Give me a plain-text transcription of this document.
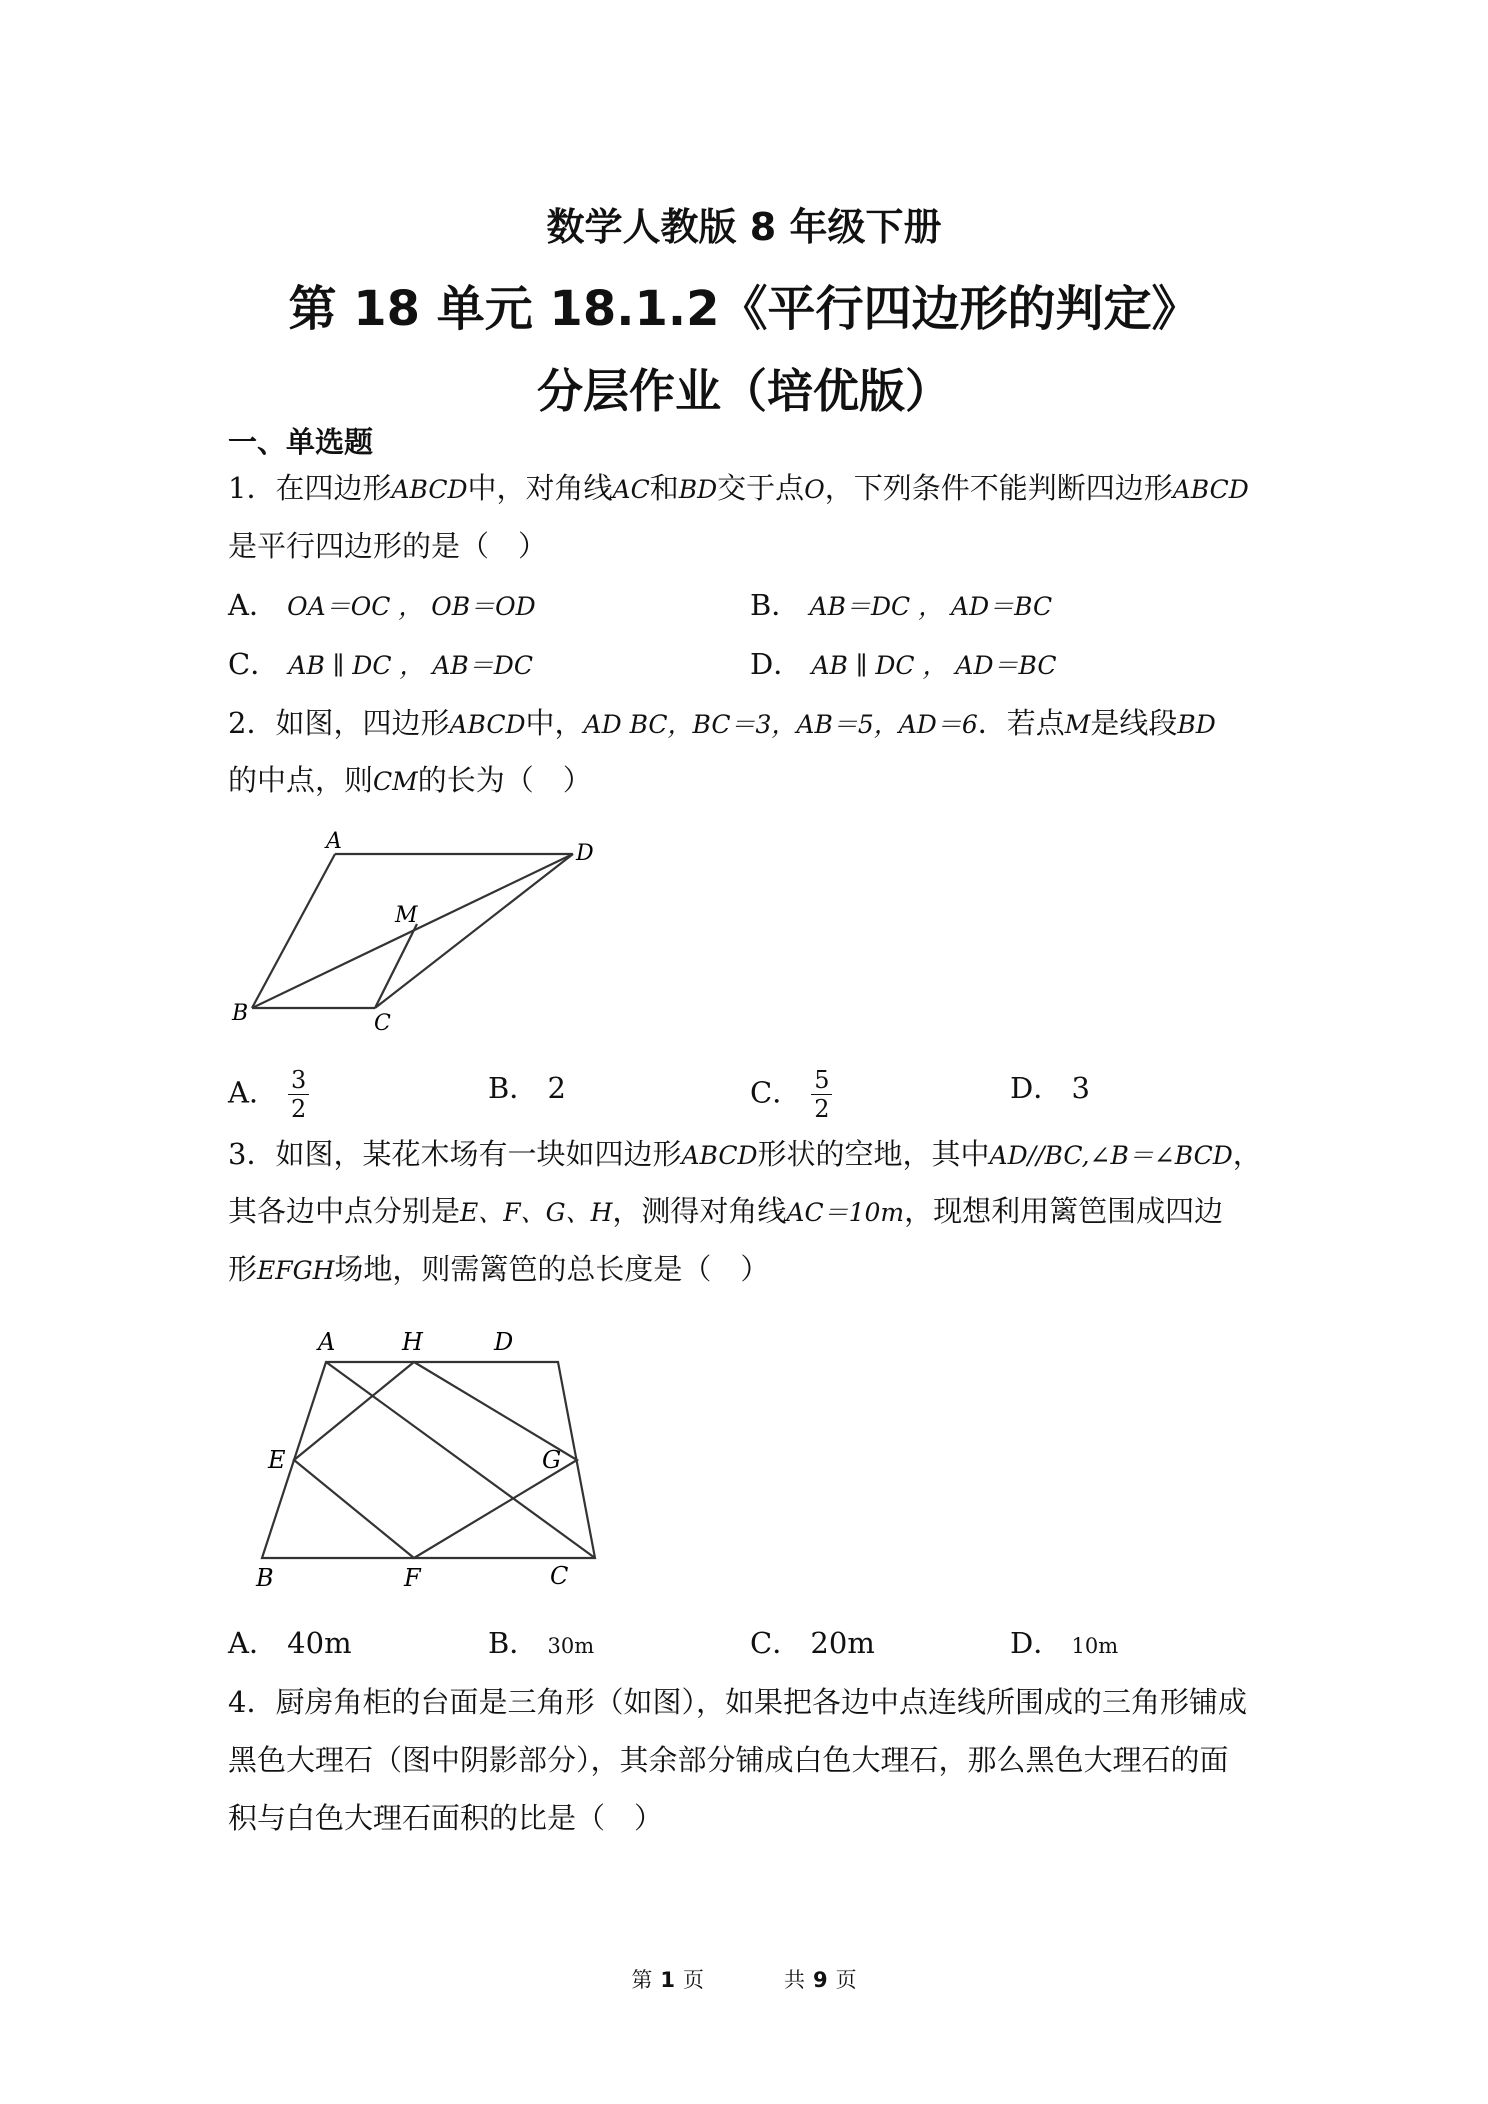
数学人教版 8 年级下册
第 18 单元 18.1.2《平行四边形的判定》
分层作业（培优版）
一、单选题
1．在四边形ABCD中，对角线AC和BD交于点O，下列条件不能判断四边形ABCD
是平行四边形的是（　）
A． OA＝OC ， OB＝OD	B． AB＝DC ， AD＝BC
C． AB ∥ DC ， AB＝DC	D． AB ∥ DC ， AD＝BC
2．如图，四边形ABCD中，AD BC，BC＝3，AB＝5，AD＝6．若点M是线段BD
的中点，则CM的长为（　）
A	D
M
B	C
A． $\frac{3}{2}$	B． 2	C． $\frac{5}{2}$	D． 3
3．如图，某花木场有一块如四边形ABCD形状的空地，其中AD//BC,∠B＝∠BCD，
其各边中点分别是E、F、G、H，测得对角线AC＝10m，现想利用篱笆围成四边
形EFGH场地，则需篱笆的总长度是（　）
A	H	D
E	G
B	F	C
A． 40m	B． 30m	C． 20m	D． 10m
4．厨房角柜的台面是三角形（如图），如果把各边中点连线所围成的三角形铺成
黑色大理石（图中阴影部分），其余部分铺成白色大理石，那么黑色大理石的面
积与白色大理石面积的比是（　）
第 1 页	共 9 页
